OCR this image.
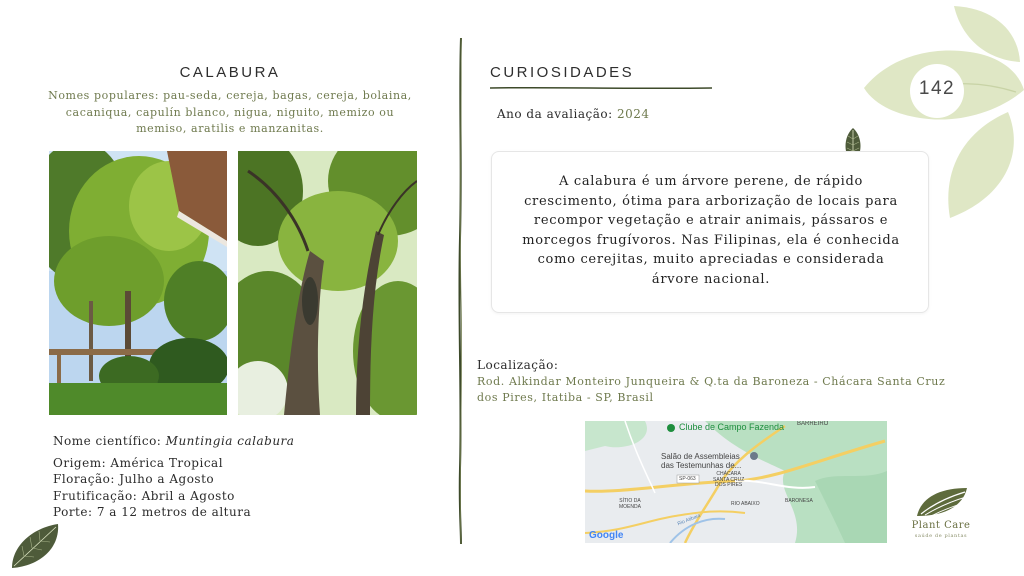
142
CALABURA
Nomes populares: pau-seda, cereja, bagas, cereja, bolaina, cacaniqua, capulín blanco, nigua, niguito, memizo ou memiso, aratilis e manzanitas.
Nome científico: Muntingia calabura
Origem: América Tropical
Floração: Julho a Agosto
Frutificação: Abril a Agosto
Porte: 7 a 12 metros de altura
CURIOSIDADES
Ano da avaliação: 2024
A calabura é um árvore perene, de rápido crescimento, ótima para arborização de locais para recompor vegetação e atrair animais, pássaros e morcegos frugívoros. Nas Filipinas, ela é conhecida como cerejitas, muito apreciadas e considerada árvore nacional.
Localização:
Rod. Alkindar Monteiro Junqueira & Q.ta da Baroneza - Chácara Santa Cruz dos Pires, Itatiba - SP, Brasil
Clube de Campo Fazenda BARREIRO
Salão de Assembleias
das Testemunhas de...
SP-063
CHÁCARA
SANTA CRUZ
DOS PIRES
SÍTIO DA
MOENDA	RIO ABAIXO	BARONESA
Rio Atibaia
Google
Plant Care
saúde de plantas
